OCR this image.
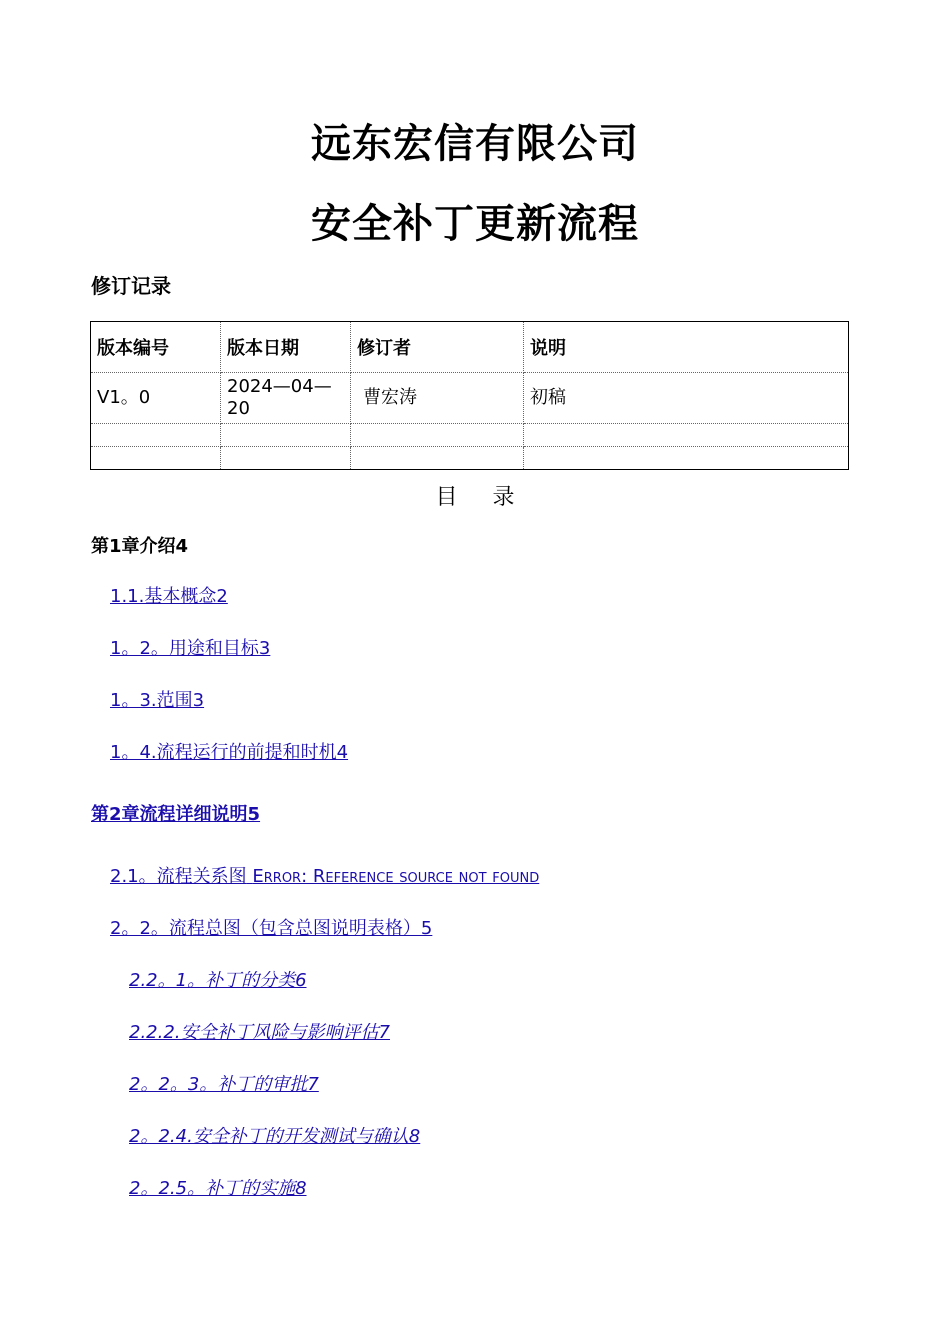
远东宏信有限公司
安全补丁更新流程
修订记录
版本编号	版本日期	修订者	说明
V1。0	2024—04—20	曹宏涛	初稿

目 录
第1章介绍4
1.1.基本概念2
1。2。用途和目标3
1。3.范围3
1。4.流程运行的前提和时机4
第2章流程详细说明5
2.1。流程关系图 Error: Reference source not found
2。2。流程总图（包含总图说明表格）5
2.2。1。补丁的分类6
2.2.2.安全补丁风险与影响评估7
2。2。3。补丁的审批7
2。2.4.安全补丁的开发测试与确认8
2。2.5。补丁的实施8
